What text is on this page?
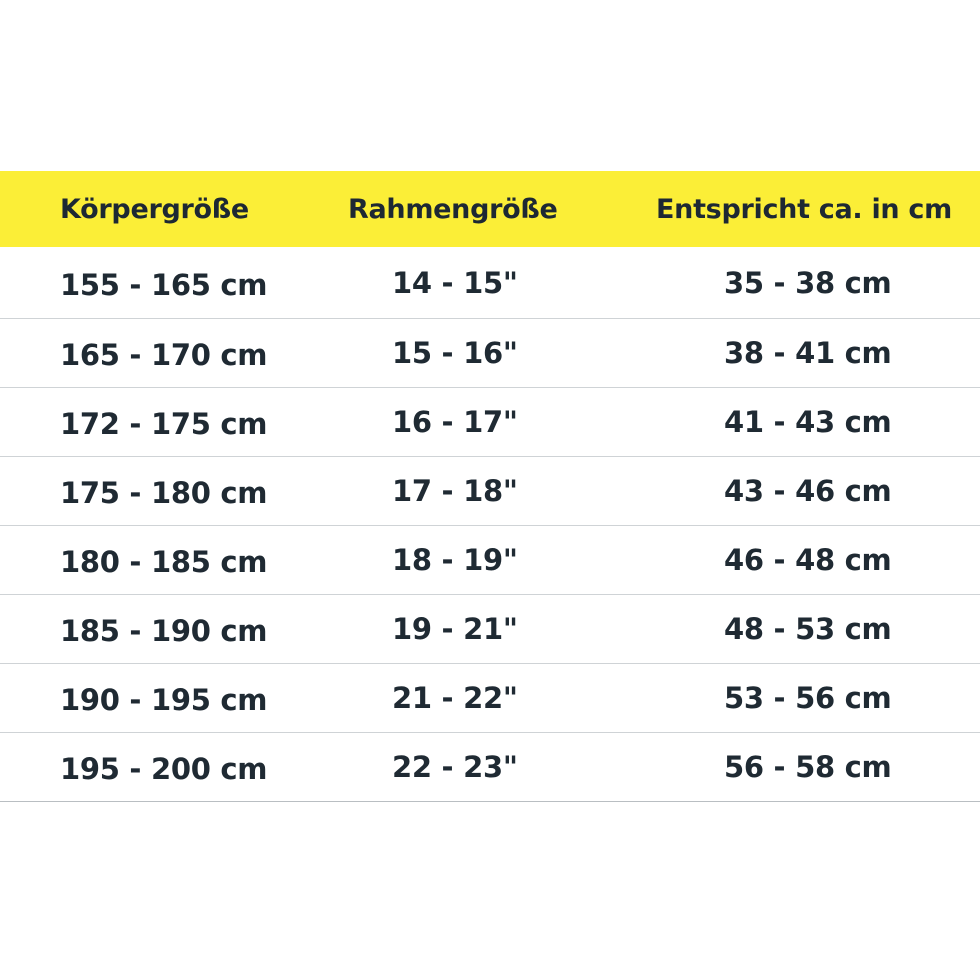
Körpergröße	Rahmengröße	Entspricht ca. in cm
155 - 165 cm	14 - 15"	35 - 38 cm
165 - 170 cm	15 - 16"	38 - 41 cm
172 - 175 cm	16 - 17"	41 - 43 cm
175 - 180 cm	17 - 18"	43 - 46 cm
180 - 185 cm	18 - 19"	46 - 48 cm
185 - 190 cm	19 - 21"	48 - 53 cm
190 - 195 cm	21 - 22"	53 - 56 cm
195 - 200 cm	22 - 23"	56 - 58 cm
